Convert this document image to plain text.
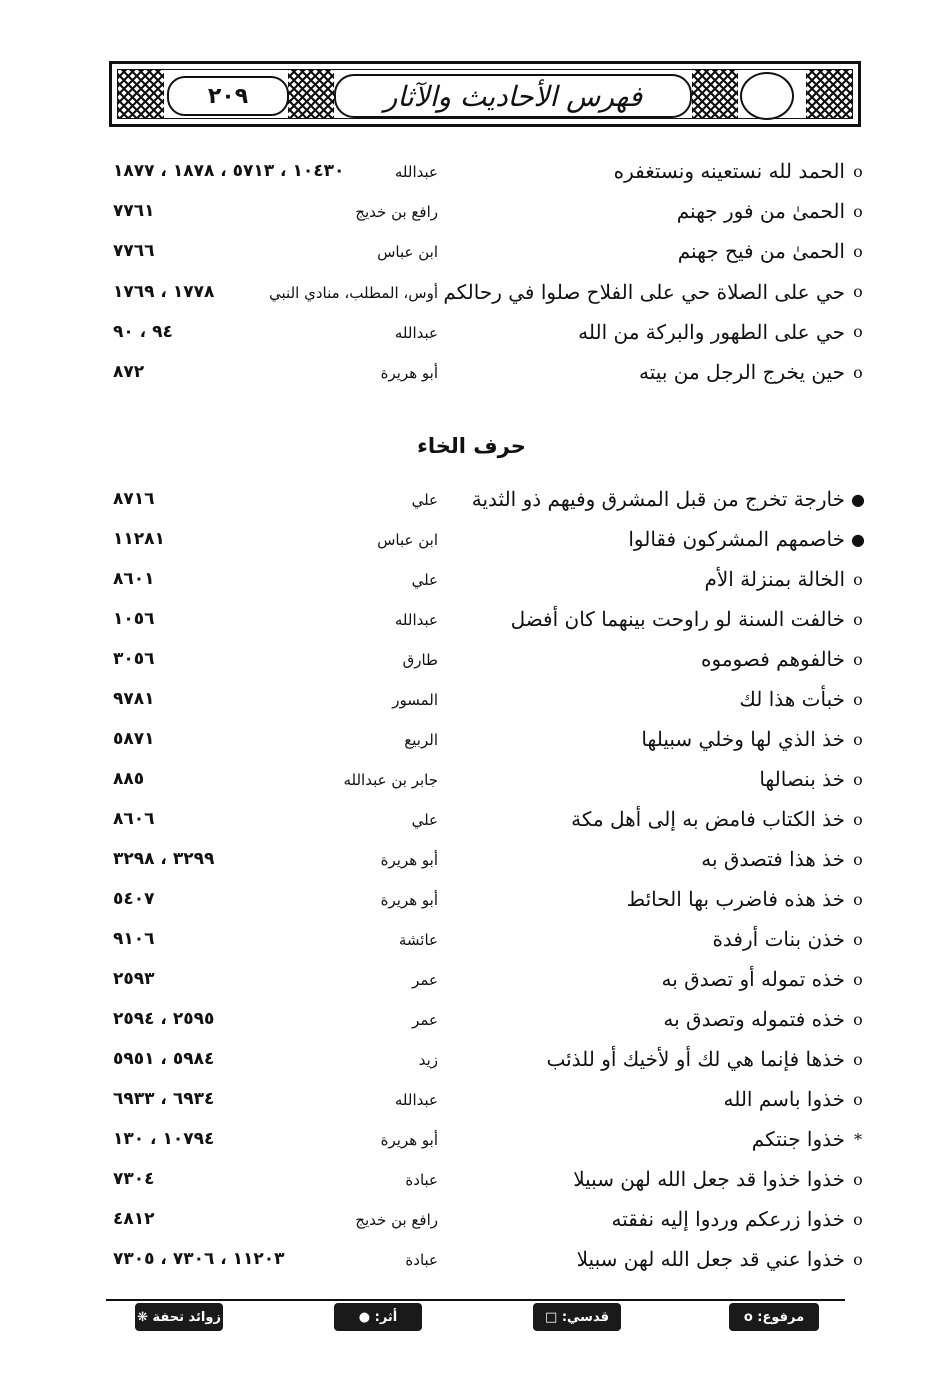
٢٠٩	فهرس الأحاديث والآثار
o
الحمد لله نستعينه ونستغفره
عبدالله
١٠٤٣٠ ، ٥٧١٣ ، ١٨٧٨ ، ١٨٧٧
o
الحمىٰ من فور جهنم
رافع بن خديج
٧٧٦١
o
الحمىٰ من فيح جهنم
ابن عباس
٧٧٦٦
o
حي على الصلاة حي على الفلاح صلوا في رحالكم
أوس، المطلب، منادي النبي
١٧٧٨ ، ١٧٦٩
o
حي على الطهور والبركة من الله
عبدالله
٩٤ ، ٩٠
o
حين يخرج الرجل من بيته
أبو هريرة
٨٧٢
حرف الخاء
●
خارجة تخرج من قبل المشرق وفيهم ذو الثدية
علي
٨٧١٦
●
خاصمهم المشركون فقالوا
ابن عباس
١١٢٨١
o
الخالة بمنزلة الأم
علي
٨٦٠١
o
خالفت السنة لو راوحت بينهما كان أفضل
عبدالله
١٠٥٦
o
خالفوهم فصوموه
طارق
٣٠٥٦
o
خبأت هذا لك
المسور
٩٧٨١
o
خذ الذي لها وخلي سبيلها
الربيع
٥٨٧١
o
خذ بنصالها
جابر بن عبدالله
٨٨٥
o
خذ الكتاب فامض به إلى أهل مكة
علي
٨٦٠٦
o
خذ هذا فتصدق به
أبو هريرة
٣٢٩٩ ، ٣٢٩٨
o
خذ هذه فاضرب بها الحائط
أبو هريرة
٥٤٠٧
o
خذن بنات أرفدة
عائشة
٩١٠٦
o
خذه تموله أو تصدق به
عمر
٢٥٩٣
o
خذه فتموله وتصدق به
عمر
٢٥٩٥ ، ٢٥٩٤
o
خذها فإنما هي لك أو لأخيك أو للذئب
زيد
٥٩٨٤ ، ٥٩٥١
o
خذوا باسم الله
عبدالله
٦٩٣٤ ، ٦٩٣٣
*
خذوا جنتكم
أبو هريرة
١٠٧٩٤ ، ١٣٠
o
خذوا خذوا قد جعل الله لهن سبيلا
عبادة
٧٣٠٤
o
خذوا زرعكم وردوا إليه نفقته
رافع بن خديج
٤٨١٢
o
خذوا عني قد جعل الله لهن سبيلا
عبادة
١١٢٠٣ ، ٧٣٠٦ ، ٧٣٠٥
مرفوع: o
قدسي: □
أثر: ●
زوائد تحفة ❋
